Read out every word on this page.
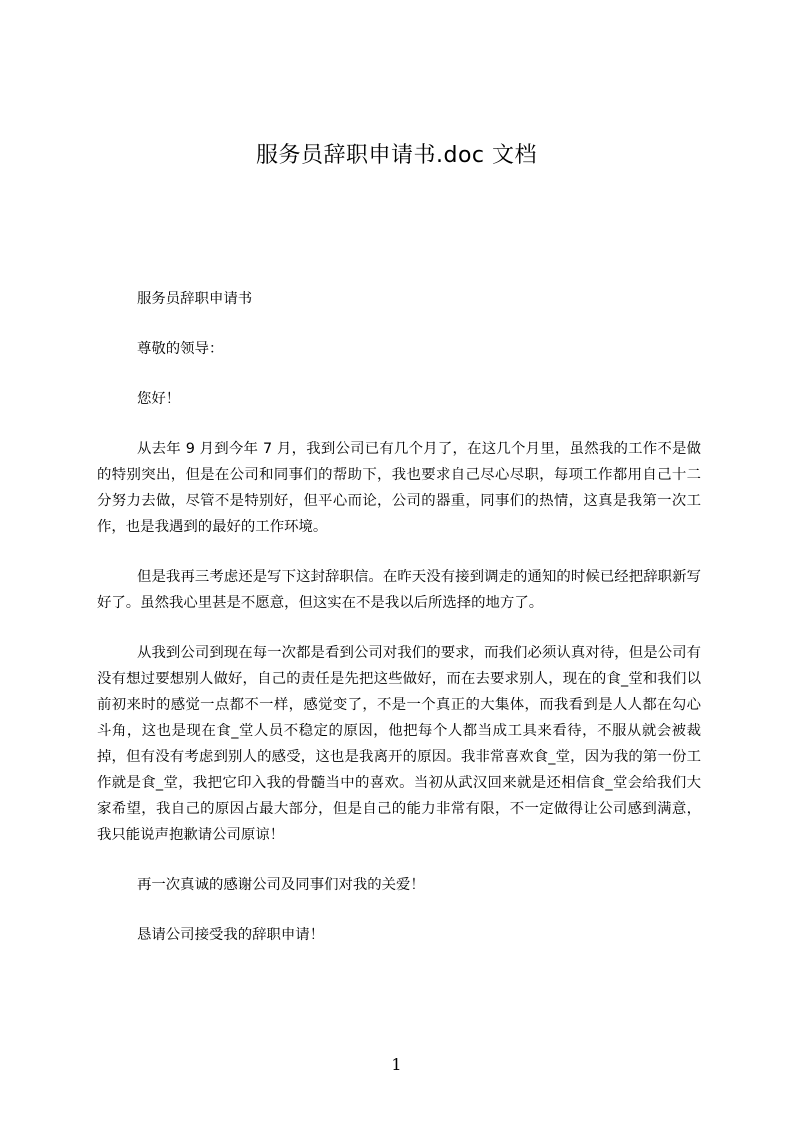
服务员辞职申请书.doc 文档

服务员辞职申请书

尊敬的领导：

您好！

从去年 9 月到今年 7 月，我到公司已有几个月了，在这几个月里，虽然我的工作不是做的特别突出，但是在公司和同事们的帮助下，我也要求自己尽心尽职，每项工作都用自己十二分努力去做，尽管不是特别好，但平心而论，公司的器重，同事们的热情，这真是我第一次工作，也是我遇到的最好的工作环境。

但是我再三考虑还是写下这封辞职信。在昨天没有接到调走的通知的时候已经把辞职新写好了。虽然我心里甚是不愿意，但这实在不是我以后所选择的地方了。

从我到公司到现在每一次都是看到公司对我们的要求，而我们必须认真对待，但是公司有没有想过要想别人做好，自己的责任是先把这些做好，而在去要求别人，现在的食_堂和我们以前初来时的感觉一点都不一样，感觉变了，不是一个真正的大集体，而我看到是人人都在勾心斗角，这也是现在食_堂人员不稳定的原因，他把每个人都当成工具来看待，不服从就会被裁掉，但有没有考虑到别人的感受，这也是我离开的原因。我非常喜欢食_堂，因为我的第一份工作就是食_堂，我把它印入我的骨髓当中的喜欢。当初从武汉回来就是还相信食_堂会给我们大家希望，我自己的原因占最大部分，但是自己的能力非常有限，不一定做得让公司感到满意，我只能说声抱歉请公司原谅！

再一次真诚的感谢公司及同事们对我的关爱！

恳请公司接受我的辞职申请！

1
